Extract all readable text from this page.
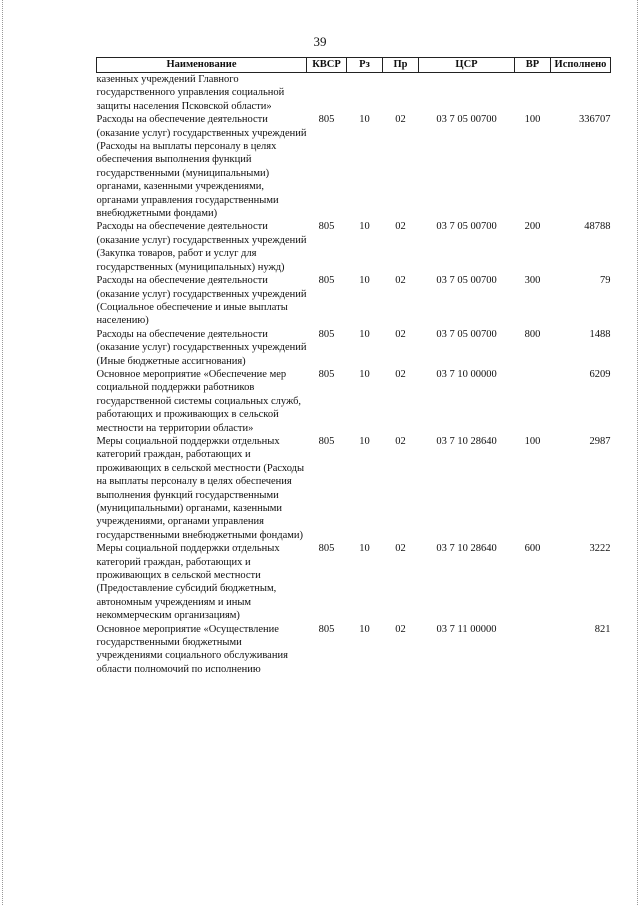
39
Наименование	КВСР	Рз	Пр	ЦСР	ВР	Исполнено
казенных учреждений Главного государственного управления социальной защиты населения Псковской области»						
Расходы на обеспечение деятельности (оказание услуг) государственных учреждений (Расходы на выплаты персоналу в целях обеспечения выполнения функций государственными (муниципальными) органами, казенными учреждениями, органами управления государственными внебюджетными фондами)	805	10	02	03 7 05 00700	100	336707
Расходы на обеспечение деятельности (оказание услуг) государственных учреждений (Закупка товаров, работ и услуг для государственных (муниципальных) нужд)	805	10	02	03 7 05 00700	200	48788
Расходы на обеспечение деятельности (оказание услуг) государственных учреждений (Социальное обеспечение и иные выплаты населению)	805	10	02	03 7 05 00700	300	79
Расходы на обеспечение деятельности (оказание услуг) государственных учреждений (Иные бюджетные ассигнования)	805	10	02	03 7 05 00700	800	1488
Основное мероприятие «Обеспечение мер социальной поддержки работников государственной системы социальных служб, работающих и проживающих в сельской местности на территории области»	805	10	02	03 7 10 00000		6209
Меры социальной поддержки отдельных категорий граждан, работающих и проживающих в сельской местности (Расходы на выплаты персоналу в целях обеспечения выполнения функций государственными (муниципальными) органами, казенными учреждениями, органами управления государственными внебюджетными фондами)	805	10	02	03 7 10 28640	100	2987
Меры социальной поддержки отдельных категорий граждан, работающих и проживающих в сельской местности (Предоставление субсидий бюджетным, автономным учреждениям и иным некоммерческим организациям)	805	10	02	03 7 10 28640	600	3222
Основное мероприятие «Осуществление государственными бюджетными учреждениями социального обслуживания области полномочий по исполнению	805	10	02	03 7 11 00000		821
